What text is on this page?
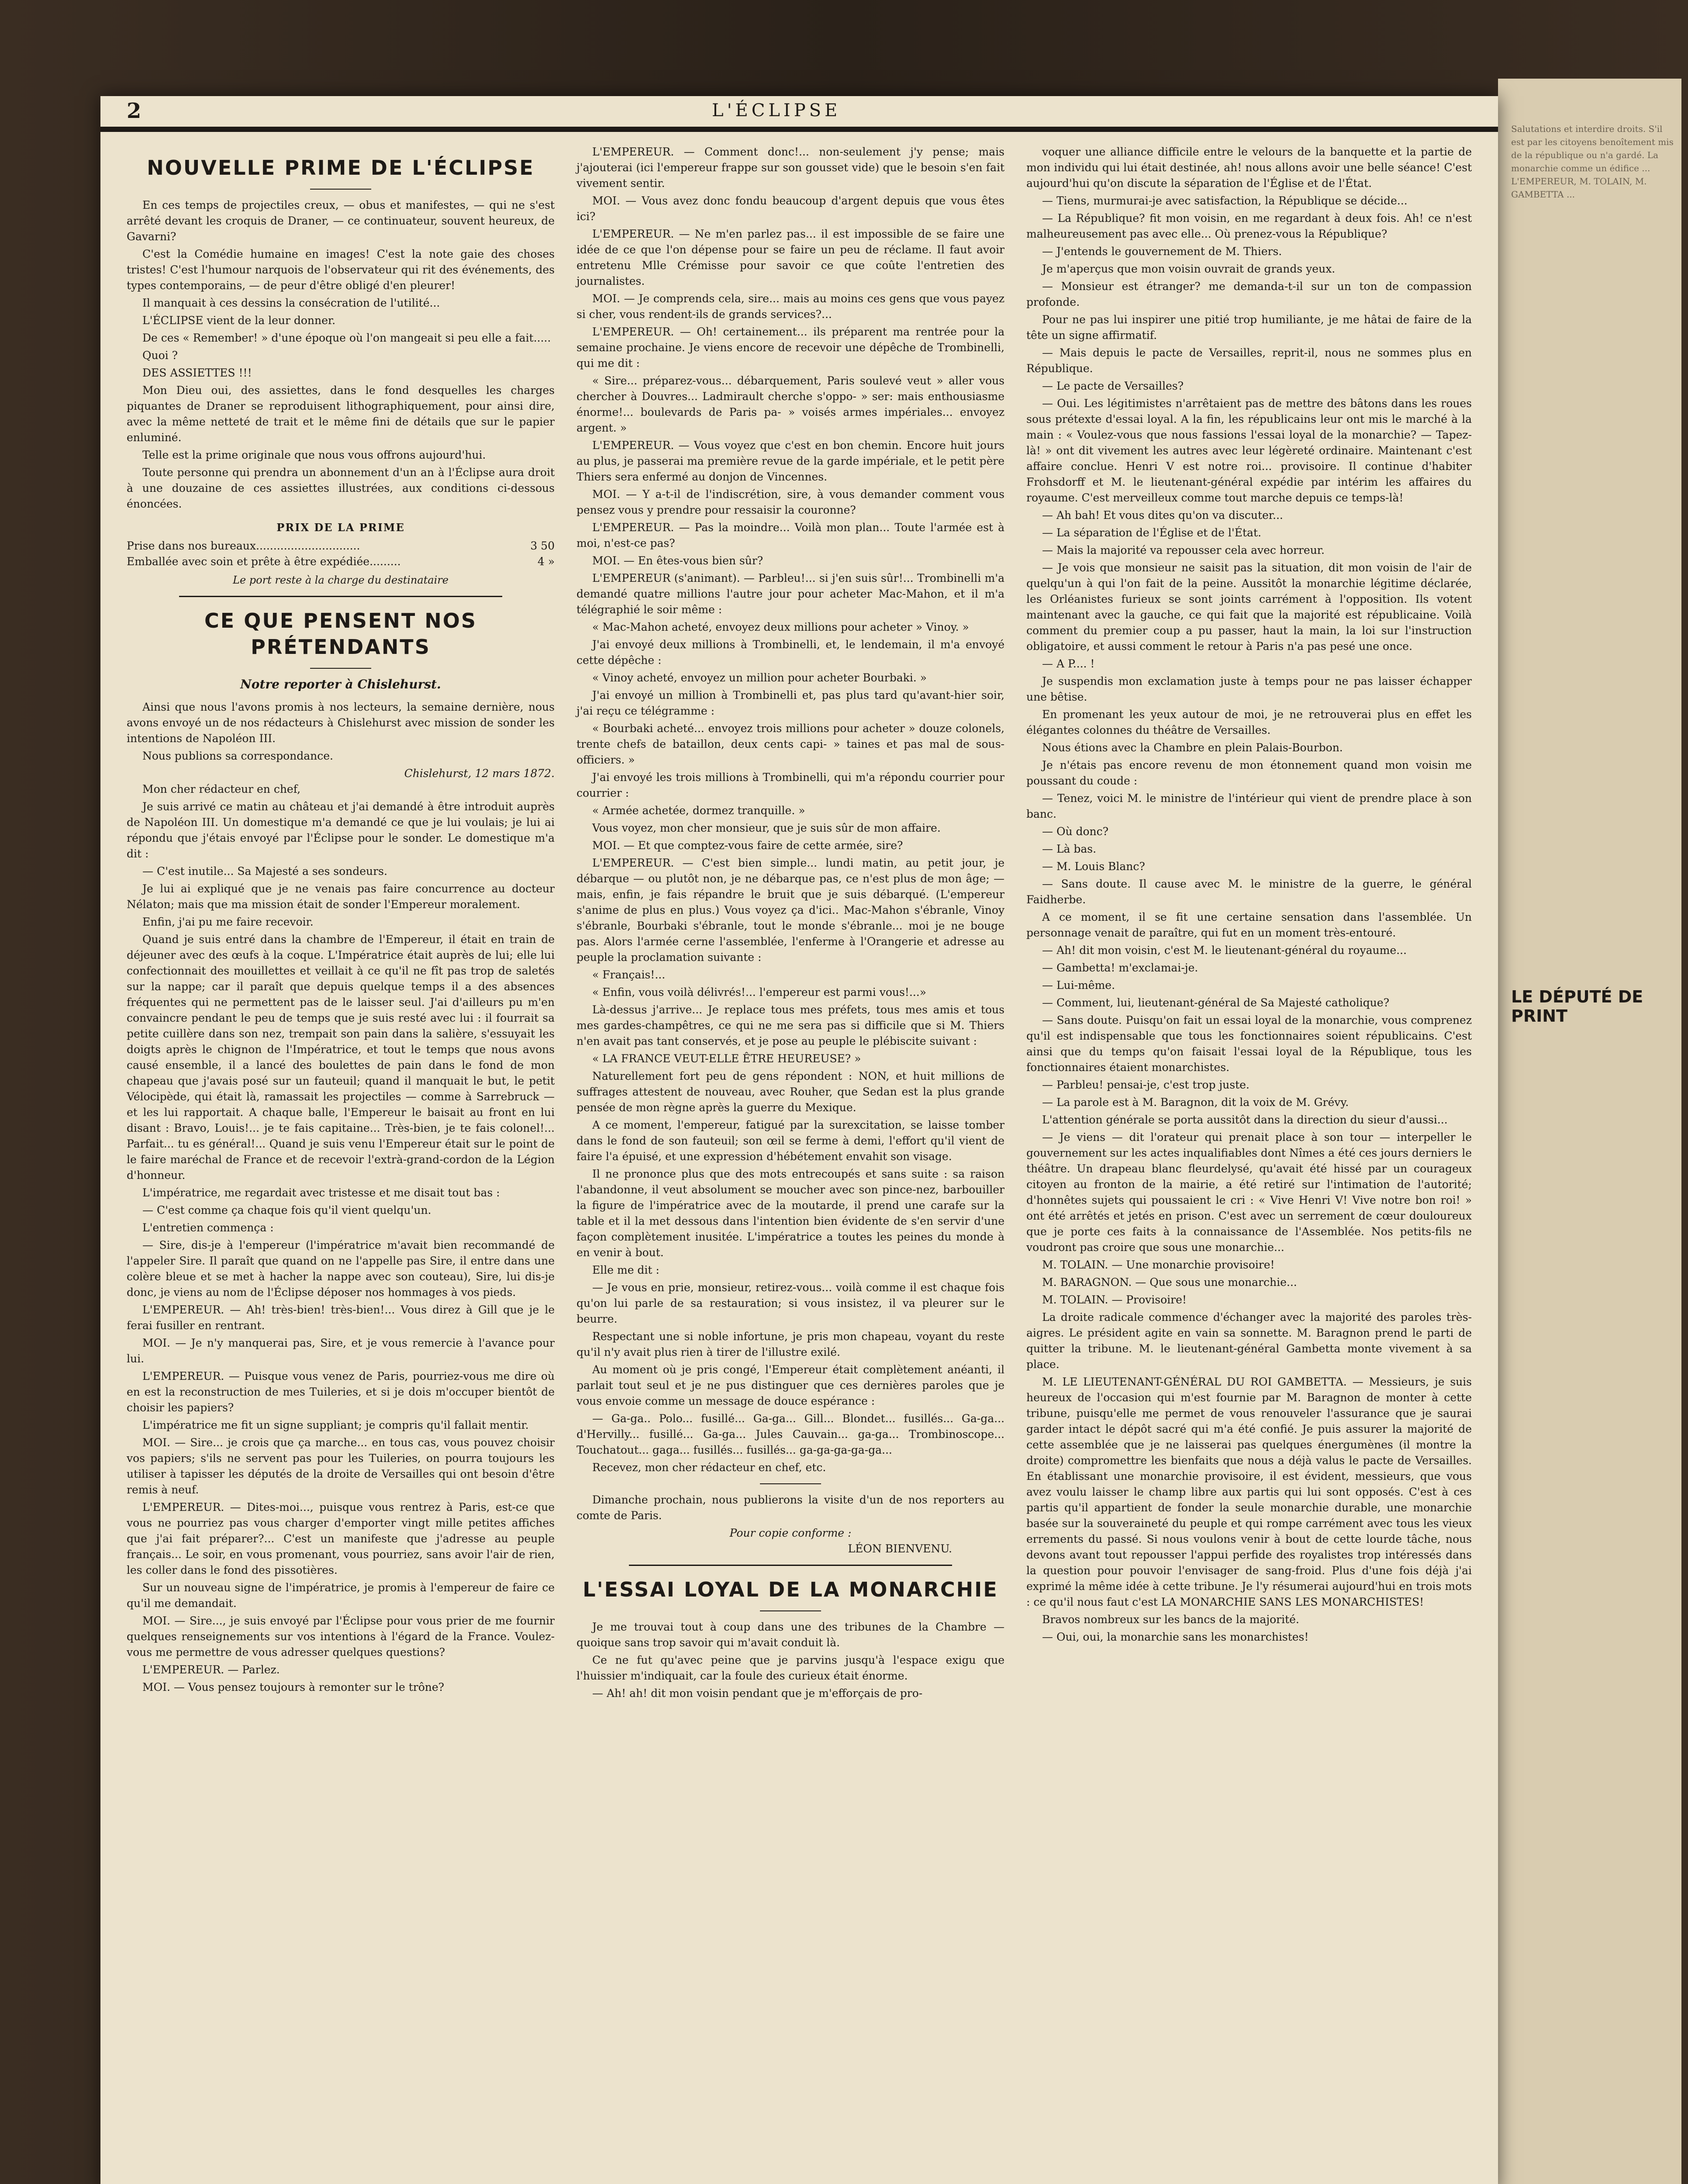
Salutations et interdire droits. S'il est par les citoyens benoîtement mis de la république ou n'a gardé. La monarchie comme un édifice ... L'EMPEREUR, M. TOLAIN, M. GAMBETTA ...
LE DÉPUTÉ DE PRINT
2	L'ÉCLIPSE
NOUVELLE PRIME DE L'ÉCLIPSE

En ces temps de projectiles creux, — obus et manifestes, — qui ne s'est arrêté devant les croquis de Draner, — ce continuateur, souvent heureux, de Gavarni?

C'est la Comédie humaine en images! C'est la note gaie des choses tristes! C'est l'humour narquois de l'observateur qui rit des événements, des types contemporains, — de peur d'être obligé d'en pleurer!

Il manquait à ces dessins la consécration de l'utilité...

L'ÉCLIPSE vient de la leur donner.

De ces « Remember! » d'une époque où l'on mangeait si peu elle a fait.....

Quoi ?

DES ASSIETTES !!!

Mon Dieu oui, des assiettes, dans le fond desquelles les charges piquantes de Draner se reproduisent lithographiquement, pour ainsi dire, avec la même netteté de trait et le même fini de détails que sur le papier enluminé.

Telle est la prime originale que nous vous offrons aujourd'hui.

Toute personne qui prendra un abonnement d'un an à l'Éclipse aura droit à une douzaine de ces assiettes illustrées, aux conditions ci-dessous énoncées.

PRIX DE LA PRIME
Prise dans nos bureaux..............................	3 50
Emballée avec soin et prête à être expédiée.........	4 »
Le port reste à la charge du destinataire
CE QUE PENSENT NOS PRÉTENDANTS
Notre reporter à Chislehurst.

Ainsi que nous l'avons promis à nos lecteurs, la semaine dernière, nous avons envoyé un de nos rédacteurs à Chislehurst avec mission de sonder les intentions de Napoléon III.

Nous publions sa correspondance.

Chislehurst, 12 mars 1872.

Mon cher rédacteur en chef,

Je suis arrivé ce matin au château et j'ai demandé à être introduit auprès de Napoléon III. Un domestique m'a demandé ce que je lui voulais; je lui ai répondu que j'étais envoyé par l'Éclipse pour le sonder. Le domestique m'a dit :

— C'est inutile... Sa Majesté a ses sondeurs.

Je lui ai expliqué que je ne venais pas faire concurrence au docteur Nélaton; mais que ma mission était de sonder l'Empereur moralement.

Enfin, j'ai pu me faire recevoir.

Quand je suis entré dans la chambre de l'Empereur, il était en train de déjeuner avec des œufs à la coque. L'Impératrice était auprès de lui; elle lui confectionnait des mouillettes et veillait à ce qu'il ne fît pas trop de saletés sur la nappe; car il paraît que depuis quelque temps il a des absences fréquentes qui ne permettent pas de le laisser seul. J'ai d'ailleurs pu m'en convaincre pendant le peu de temps que je suis resté avec lui : il fourrait sa petite cuillère dans son nez, trempait son pain dans la salière, s'essuyait les doigts après le chignon de l'Impératrice, et tout le temps que nous avons causé ensemble, il a lancé des boulettes de pain dans le fond de mon chapeau que j'avais posé sur un fauteuil; quand il manquait le but, le petit Vélocipède, qui était là, ramassait les projectiles — comme à Sarrebruck — et les lui rapportait. A chaque balle, l'Empereur le baisait au front en lui disant : Bravo, Louis!... je te fais capitaine... Très-bien, je te fais colonel!... Parfait... tu es général!... Quand je suis venu l'Empereur était sur le point de le faire maréchal de France et de recevoir l'extrà-grand-cordon de la Légion d'honneur.

L'impératrice, me regardait avec tristesse et me disait tout bas :

— C'est comme ça chaque fois qu'il vient quelqu'un.

L'entretien commença :

— Sire, dis-je à l'empereur (l'impératrice m'avait bien recommandé de l'appeler Sire. Il paraît que quand on ne l'appelle pas Sire, il entre dans une colère bleue et se met à hacher la nappe avec son couteau), Sire, lui dis-je donc, je viens au nom de l'Éclipse déposer nos hommages à vos pieds.

L'EMPEREUR. — Ah! très-bien! très-bien!... Vous direz à Gill que je le ferai fusiller en rentrant.

MOI. — Je n'y manquerai pas, Sire, et je vous remercie à l'avance pour lui.

L'EMPEREUR. — Puisque vous venez de Paris, pourriez-vous me dire où en est la reconstruction de mes Tuileries, et si je dois m'occuper bientôt de choisir les papiers?

L'impératrice me fit un signe suppliant; je compris qu'il fallait mentir.

MOI. — Sire... je crois que ça marche... en tous cas, vous pouvez choisir vos papiers; s'ils ne servent pas pour les Tuileries, on pourra toujours les utiliser à tapisser les députés de la droite de Versailles qui ont besoin d'être remis à neuf.

L'EMPEREUR. — Dites-moi..., puisque vous rentrez à Paris, est-ce que vous ne pourriez pas vous charger d'emporter vingt mille petites affiches que j'ai fait préparer?... C'est un manifeste que j'adresse au peuple français... Le soir, en vous promenant, vous pourriez, sans avoir l'air de rien, les coller dans le fond des pissotières.

Sur un nouveau signe de l'impératrice, je promis à l'empereur de faire ce qu'il me demandait.

MOI. — Sire..., je suis envoyé par l'Éclipse pour vous prier de me fournir quelques renseignements sur vos intentions à l'égard de la France. Voulez-vous me permettre de vous adresser quelques questions?

L'EMPEREUR. — Parlez.

MOI. — Vous pensez toujours à remonter sur le trône?

L'EMPEREUR. — Comment donc!... non-seulement j'y pense; mais j'ajouterai (ici l'empereur frappe sur son gousset vide) que le besoin s'en fait vivement sentir.

MOI. — Vous avez donc fondu beaucoup d'argent depuis que vous êtes ici?

L'EMPEREUR. — Ne m'en parlez pas... il est impossible de se faire une idée de ce que l'on dépense pour se faire un peu de réclame. Il faut avoir entretenu Mlle Crémisse pour savoir ce que coûte l'entretien des journalistes.

MOI. — Je comprends cela, sire... mais au moins ces gens que vous payez si cher, vous rendent-ils de grands services?...

L'EMPEREUR. — Oh! certainement... ils préparent ma rentrée pour la semaine prochaine. Je viens encore de recevoir une dépêche de Trombinelli, qui me dit :

« Sire... préparez-vous... débarquement, Paris soulevé veut » aller vous chercher à Douvres... Ladmirault cherche s'oppo- » ser: mais enthousiasme énorme!... boulevards de Paris pa- » voisés armes impériales... envoyez argent. »

L'EMPEREUR. — Vous voyez que c'est en bon chemin. Encore huit jours au plus, je passerai ma première revue de la garde impériale, et le petit père Thiers sera enfermé au donjon de Vincennes.

MOI. — Y a-t-il de l'indiscrétion, sire, à vous demander comment vous pensez vous y prendre pour ressaisir la couronne?

L'EMPEREUR. — Pas la moindre... Voilà mon plan... Toute l'armée est à moi, n'est-ce pas?

MOI. — En êtes-vous bien sûr?

L'EMPEREUR (s'animant). — Parbleu!... si j'en suis sûr!... Trombinelli m'a demandé quatre millions l'autre jour pour acheter Mac-Mahon, et il m'a télégraphié le soir même :

« Mac-Mahon acheté, envoyez deux millions pour acheter » Vinoy. »

J'ai envoyé deux millions à Trombinelli, et, le lendemain, il m'a envoyé cette dépêche :

« Vinoy acheté, envoyez un million pour acheter Bourbaki. »

J'ai envoyé un million à Trombinelli et, pas plus tard qu'avant-hier soir, j'ai reçu ce télégramme :

« Bourbaki acheté... envoyez trois millions pour acheter » douze colonels, trente chefs de bataillon, deux cents capi- » taines et pas mal de sous-officiers. »

J'ai envoyé les trois millions à Trombinelli, qui m'a répondu courrier pour courrier :

« Armée achetée, dormez tranquille. »

Vous voyez, mon cher monsieur, que je suis sûr de mon affaire.

MOI. — Et que comptez-vous faire de cette armée, sire?

L'EMPEREUR. — C'est bien simple... lundi matin, au petit jour, je débarque — ou plutôt non, je ne débarque pas, ce n'est plus de mon âge; — mais, enfin, je fais répandre le bruit que je suis débarqué. (L'empereur s'anime de plus en plus.) Vous voyez ça d'ici.. Mac-Mahon s'ébranle, Vinoy s'ébranle, Bourbaki s'ébranle, tout le monde s'ébranle... moi je ne bouge pas. Alors l'armée cerne l'assemblée, l'enferme à l'Orangerie et adresse au peuple la proclamation suivante :

« Français!...

« Enfin, vous voilà délivrés!... l'empereur est parmi vous!...»

Là-dessus j'arrive... Je replace tous mes préfets, tous mes amis et tous mes gardes-champêtres, ce qui ne me sera pas si difficile que si M. Thiers n'en avait pas tant conservés, et je pose au peuple le plébiscite suivant :

« LA FRANCE VEUT-ELLE ÊTRE HEUREUSE? »

Naturellement fort peu de gens répondent : NON, et huit millions de suffrages attestent de nouveau, avec Rouher, que Sedan est la plus grande pensée de mon règne après la guerre du Mexique.

A ce moment, l'empereur, fatigué par la surexcitation, se laisse tomber dans le fond de son fauteuil; son œil se ferme à demi, l'effort qu'il vient de faire l'a épuisé, et une expression d'hébétement envahit son visage.

Il ne prononce plus que des mots entrecoupés et sans suite : sa raison l'abandonne, il veut absolument se moucher avec son pince-nez, barbouiller la figure de l'impératrice avec de la moutarde, il prend une carafe sur la table et il la met dessous dans l'intention bien évidente de s'en servir d'une façon complètement inusitée. L'impératrice a toutes les peines du monde à en venir à bout.

Elle me dit :

— Je vous en prie, monsieur, retirez-vous... voilà comme il est chaque fois qu'on lui parle de sa restauration; si vous insistez, il va pleurer sur le beurre.

Respectant une si noble infortune, je pris mon chapeau, voyant du reste qu'il n'y avait plus rien à tirer de l'illustre exilé.

Au moment où je pris congé, l'Empereur était complètement anéanti, il parlait tout seul et je ne pus distinguer que ces dernières paroles que je vous envoie comme un message de douce espérance :

— Ga-ga.. Polo... fusillé... Ga-ga... Gill... Blondet... fusillés... Ga-ga... d'Hervilly... fusillé... Ga-ga... Jules Cauvain... ga-ga... Trombinoscope... Touchatout... gaga... fusillés... fusillés... ga-ga-ga-ga-ga...

Recevez, mon cher rédacteur en chef, etc.

Dimanche prochain, nous publierons la visite d'un de nos reporters au comte de Paris.

Pour copie conforme :
LÉON BIENVENU.
L'ESSAI LOYAL DE LA MONARCHIE

Je me trouvai tout à coup dans une des tribunes de la Chambre — quoique sans trop savoir qui m'avait conduit là.

Ce ne fut qu'avec peine que je parvins jusqu'à l'espace exigu que l'huissier m'indiquait, car la foule des curieux était énorme.

— Ah! ah! dit mon voisin pendant que je m'efforçais de pro-

voquer une alliance difficile entre le velours de la banquette et la partie de mon individu qui lui était destinée, ah! nous allons avoir une belle séance! C'est aujourd'hui qu'on discute la séparation de l'Église et de l'État.

— Tiens, murmurai-je avec satisfaction, la République se décide...

— La République? fit mon voisin, en me regardant à deux fois. Ah! ce n'est malheureusement pas avec elle... Où prenez-vous la République?

— J'entends le gouvernement de M. Thiers.

Je m'aperçus que mon voisin ouvrait de grands yeux.

— Monsieur est étranger? me demanda-t-il sur un ton de compassion profonde.

Pour ne pas lui inspirer une pitié trop humiliante, je me hâtai de faire de la tête un signe affirmatif.

— Mais depuis le pacte de Versailles, reprit-il, nous ne sommes plus en République.

— Le pacte de Versailles?

— Oui. Les légitimistes n'arrêtaient pas de mettre des bâtons dans les roues sous prétexte d'essai loyal. A la fin, les républicains leur ont mis le marché à la main : « Voulez-vous que nous fassions l'essai loyal de la monarchie? — Tapez-là! » ont dit vivement les autres avec leur légèreté ordinaire. Maintenant c'est affaire conclue. Henri V est notre roi... provisoire. Il continue d'habiter Frohsdorff et M. le lieutenant-général expédie par intérim les affaires du royaume. C'est merveilleux comme tout marche depuis ce temps-là!

— Ah bah! Et vous dites qu'on va discuter...

— La séparation de l'Église et de l'État.

— Mais la majorité va repousser cela avec horreur.

— Je vois que monsieur ne saisit pas la situation, dit mon voisin de l'air de quelqu'un à qui l'on fait de la peine. Aussitôt la monarchie légitime déclarée, les Orléanistes furieux se sont joints carrément à l'opposition. Ils votent maintenant avec la gauche, ce qui fait que la majorité est républicaine. Voilà comment du premier coup a pu passer, haut la main, la loi sur l'instruction obligatoire, et aussi comment le retour à Paris n'a pas pesé une once.

— A P.... !

Je suspendis mon exclamation juste à temps pour ne pas laisser échapper une bêtise.

En promenant les yeux autour de moi, je ne retrouverai plus en effet les élégantes colonnes du théâtre de Versailles.

Nous étions avec la Chambre en plein Palais-Bourbon.

Je n'étais pas encore revenu de mon étonnement quand mon voisin me poussant du coude :

— Tenez, voici M. le ministre de l'intérieur qui vient de prendre place à son banc.

— Où donc?

— Là bas.

— M. Louis Blanc?

— Sans doute. Il cause avec M. le ministre de la guerre, le général Faidherbe.

A ce moment, il se fit une certaine sensation dans l'assemblée. Un personnage venait de paraître, qui fut en un moment très-entouré.

— Ah! dit mon voisin, c'est M. le lieutenant-général du royaume...

— Gambetta! m'exclamai-je.

— Lui-même.

— Comment, lui, lieutenant-général de Sa Majesté catholique?

— Sans doute. Puisqu'on fait un essai loyal de la monarchie, vous comprenez qu'il est indispensable que tous les fonctionnaires soient républicains. C'est ainsi que du temps qu'on faisait l'essai loyal de la République, tous les fonctionnaires étaient monarchistes.

— Parbleu! pensai-je, c'est trop juste.

— La parole est à M. Baragnon, dit la voix de M. Grévy.

L'attention générale se porta aussitôt dans la direction du sieur d'aussi...

— Je viens — dit l'orateur qui prenait place à son tour — interpeller le gouvernement sur les actes inqualifiables dont Nîmes a été ces jours derniers le théâtre. Un drapeau blanc fleurdelysé, qu'avait été hissé par un courageux citoyen au fronton de la mairie, a été retiré sur l'intimation de l'autorité; d'honnêtes sujets qui poussaient le cri : « Vive Henri V! Vive notre bon roi! » ont été arrêtés et jetés en prison. C'est avec un serrement de cœur douloureux que je porte ces faits à la connaissance de l'Assemblée. Nos petits-fils ne voudront pas croire que sous une monarchie...

M. TOLAIN. — Une monarchie provisoire!

M. BARAGNON. — Que sous une monarchie...

M. TOLAIN. — Provisoire!

La droite radicale commence d'échanger avec la majorité des paroles très-aigres. Le président agite en vain sa sonnette. M. Baragnon prend le parti de quitter la tribune. M. le lieutenant-général Gambetta monte vivement à sa place.

M. LE LIEUTENANT-GÉNÉRAL DU ROI GAMBETTA. — Messieurs, je suis heureux de l'occasion qui m'est fournie par M. Baragnon de monter à cette tribune, puisqu'elle me permet de vous renouveler l'assurance que je saurai garder intact le dépôt sacré qui m'a été confié. Je puis assurer la majorité de cette assemblée que je ne laisserai pas quelques énergumènes (il montre la droite) compromettre les bienfaits que nous a déjà valus le pacte de Versailles. En établissant une monarchie provisoire, il est évident, messieurs, que vous avez voulu laisser le champ libre aux partis qui lui sont opposés. C'est à ces partis qu'il appartient de fonder la seule monarchie durable, une monarchie basée sur la souveraineté du peuple et qui rompe carrément avec tous les vieux errements du passé. Si nous voulons venir à bout de cette lourde tâche, nous devons avant tout repousser l'appui perfide des royalistes trop intéressés dans la question pour pouvoir l'envisager de sang-froid. Plus d'une fois déjà j'ai exprimé la même idée à cette tribune. Je l'y résumerai aujourd'hui en trois mots : ce qu'il nous faut c'est LA MONARCHIE SANS LES MONARCHISTES!

Bravos nombreux sur les bancs de la majorité.

— Oui, oui, la monarchie sans les monarchistes!
